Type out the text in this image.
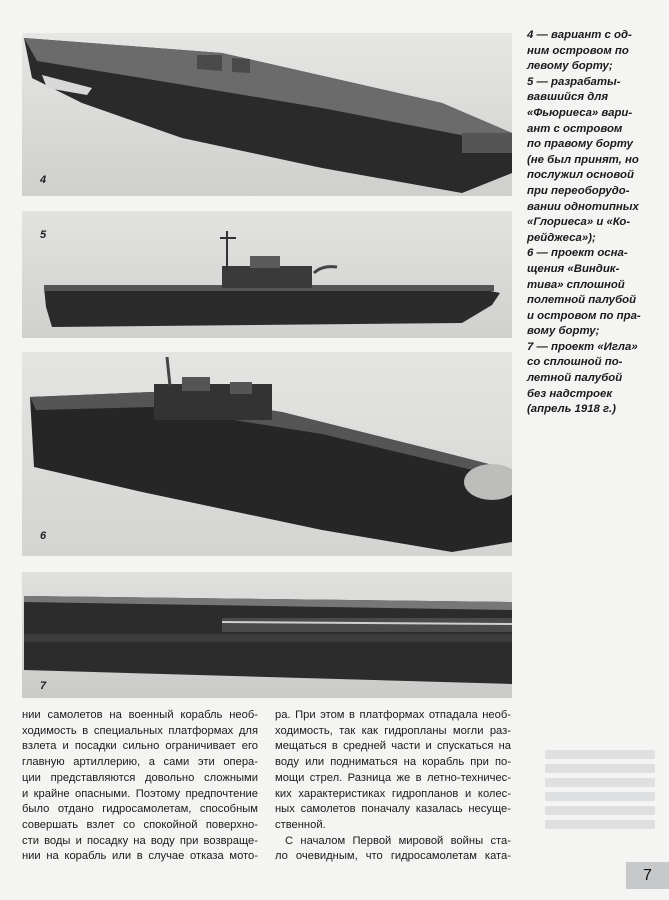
4
5
6
7

4 — вариант с од-
ним островом по
левому борту;
5 — разрабаты-
вавшийся для
«Фьюриеса» вари-
ант с островом
по правому борту
(не был принят, но
послужил основой
при переоборудо-
вании однотипных
«Глориеса» и «Ко-
рейджеса»);
6 — проект осна-
щения «Виндик-
тива» сплошной
полетной палубой
и островом по пра-
вому борту;
7 — проект «Игла»
со сплошной по-
летной палубой
без надстроек
(апрель 1918 г.)

нии самолетов на военный корабль необ-
ходимость в специальных платформах для
взлета и посадки сильно ограничивает его
главную артиллерию, а сами эти опера-
ции представляются довольно сложными
и крайне опасными. Поэтому предпочтение
было отдано гидросамолетам, способным
совершать взлет со спокойной поверхно-
сти воды и посадку на воду при возвраще-
нии на корабль или в случае отказа мото-

ра. При этом в платформах отпадала необ-
ходимость, так как гидропланы могли раз-
мещаться в средней части и спускаться на
воду или подниматься на корабль при по-
мощи стрел. Разница же в летно-техничес-
ких характеристиках гидропланов и колес-
ных самолетов поначалу казалась несуще-
ственной.
С началом Первой мировой войны ста-
ло очевидным, что гидросамолетам ката-

7
